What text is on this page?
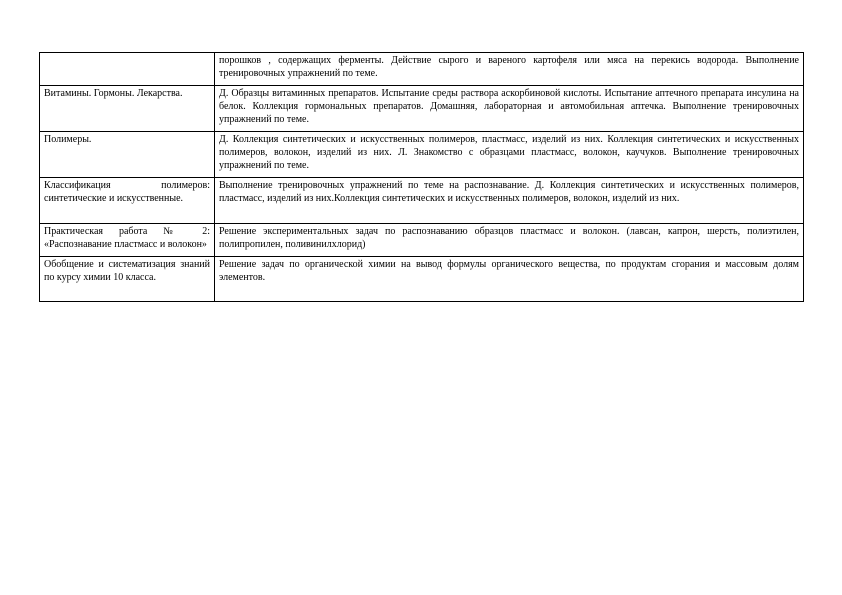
	порошков , содержащих ферменты. Действие сырого и вареного картофеля или мяса на перекись водорода. Выполнение тренировочных упражнений по теме.
Витамины. Гормоны. Лекарства.	Д. Образцы витаминных препаратов. Испытание среды раствора аскорбиновой кислоты. Испытание аптечного препарата инсулина на белок. Коллекция гормональных препаратов. Домашняя, лабораторная и автомобильная аптечка. Выполнение тренировочных упражнений по теме.
Полимеры.	Д. Коллекция синтетических и искусственных полимеров, пластмасс, изделий из них. Коллекция синтетических и искусственных полимеров, волокон, изделий из них. Л. Знакомство с образцами пластмасс, волокон, каучуков. Выполнение тренировочных упражнений по теме.
Классификация полимеров: синтетические и искусственные.	Выполнение тренировочных упражнений по теме на распознавание. Д. Коллекция синтетических и искусственных полимеров, пластмасс, изделий из них.Коллекция синтетических и искусственных полимеров, волокон, изделий из них.
Практическая работа № 2: «Распознавание пластмасс и волокон»	Решение экспериментальных задач по распознаванию образцов пластмасс и волокон. (лавсан, капрон, шерсть, полиэтилен, полипропилен, поливинилхлорид)
Обобщение и систематизация знаний по курсу химии 10 класса.	Решение задач по органической химии на вывод формулы органического вещества, по продуктам сгорания и массовым долям элементов.
